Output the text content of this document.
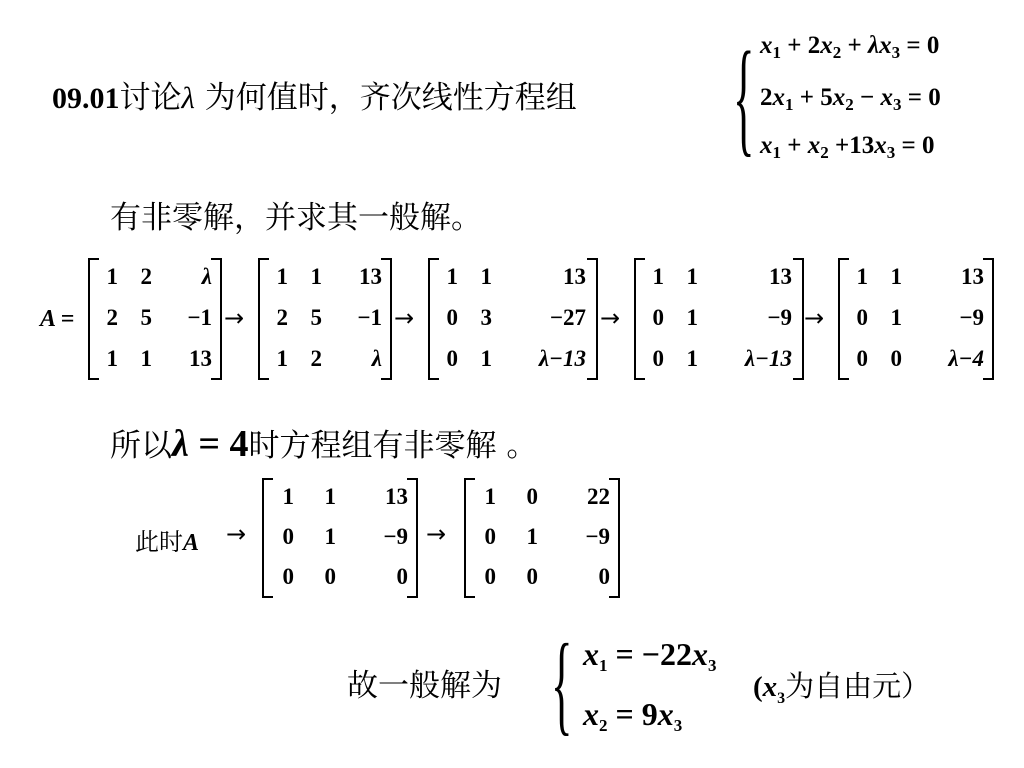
09.01讨论λ 为何值时，齐次线性方程组 { $x_1 + 2x_2 + \lambda x_3 = 0$
$2x_1 + 5x_2 - x_3 = 0$
$x_1 + x_2 +13x_3 = 0$
有非零解，并求其一般解。
A =
1 2 λ
2 5 −1
1 1 13
1 1 13
2 5 −1
1 2 λ
→
1 1	13
0 3	−27
0 1 λ−13
→
1 1	13
0 1	−9
0 1 λ−13
→
1 1	13
0 1 −9
0 0 λ−4
→
所以λ = 4时方程组有非零解 。
此时A →
1 1 13
0 1 −9
0 0	0
1 0 22
0 1 −9
0 0	0
→
故一般解为 { $x_1 = -22x_3$
$x_2 = 9x_3$
($x_3$为自由元）
